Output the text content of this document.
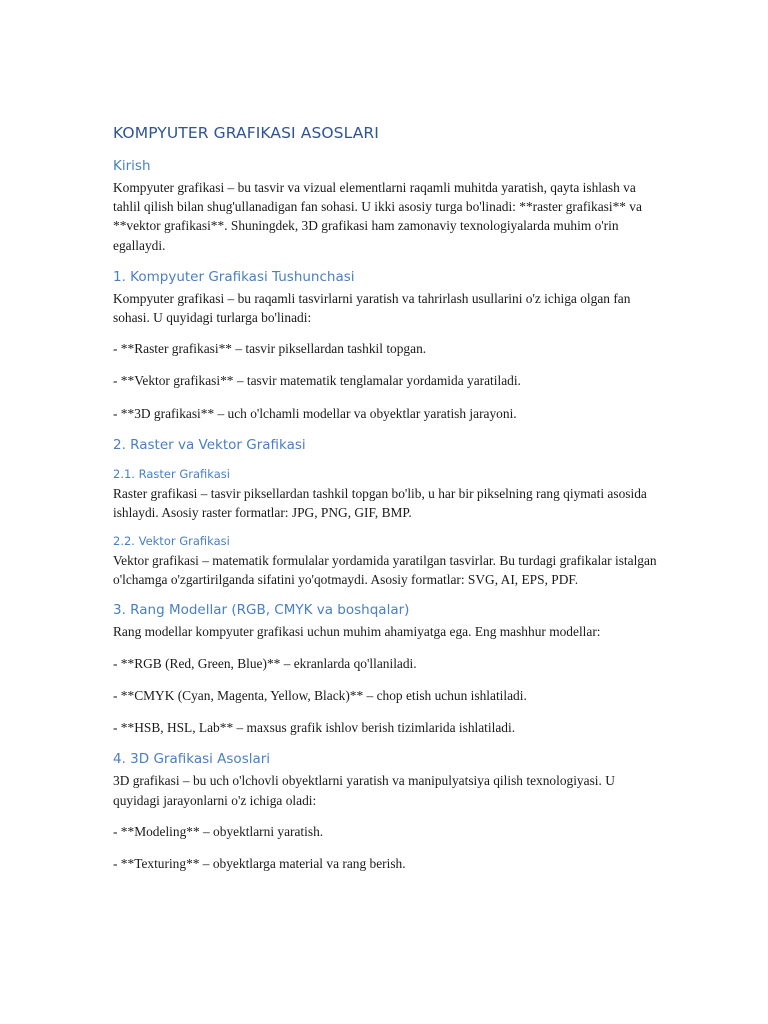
KOMPYUTER GRAFIKASI ASOSLARI
Kirish

Kompyuter grafikasi – bu tasvir va vizual elementlarni raqamli muhitda yaratish, qayta ishlash va tahlil qilish bilan shug'ullanadigan fan sohasi. U ikki asosiy turga bo'linadi: **raster grafikasi** va **vektor grafikasi**. Shuningdek, 3D grafikasi ham zamonaviy texnologiyalarda muhim o'rin egallaydi.

1. Kompyuter Grafikasi Tushunchasi

Kompyuter grafikasi – bu raqamli tasvirlarni yaratish va tahrirlash usullarini o'z ichiga olgan fan sohasi. U quyidagi turlarga bo'linadi:

- **Raster grafikasi** – tasvir piksellardan tashkil topgan.

- **Vektor grafikasi** – tasvir matematik tenglamalar yordamida yaratiladi.

- **3D grafikasi** – uch o'lchamli modellar va obyektlar yaratish jarayoni.

2. Raster va Vektor Grafikasi
2.1. Raster Grafikasi

Raster grafikasi – tasvir piksellardan tashkil topgan bo'lib, u har bir pikselning rang qiymati asosida ishlaydi. Asosiy raster formatlar: JPG, PNG, GIF, BMP.

2.2. Vektor Grafikasi

Vektor grafikasi – matematik formulalar yordamida yaratilgan tasvirlar. Bu turdagi grafikalar istalgan o'lchamga o'zgartirilganda sifatini yo'qotmaydi. Asosiy formatlar: SVG, AI, EPS, PDF.

3. Rang Modellar (RGB, CMYK va boshqalar)

Rang modellar kompyuter grafikasi uchun muhim ahamiyatga ega. Eng mashhur modellar:

- **RGB (Red, Green, Blue)** – ekranlarda qo'llaniladi.

- **CMYK (Cyan, Magenta, Yellow, Black)** – chop etish uchun ishlatiladi.

- **HSB, HSL, Lab** – maxsus grafik ishlov berish tizimlarida ishlatiladi.

4. 3D Grafikasi Asoslari

3D grafikasi – bu uch o'lchovli obyektlarni yaratish va manipulyatsiya qilish texnologiyasi. U quyidagi jarayonlarni o'z ichiga oladi:

- **Modeling** – obyektlarni yaratish.

- **Texturing** – obyektlarga material va rang berish.
